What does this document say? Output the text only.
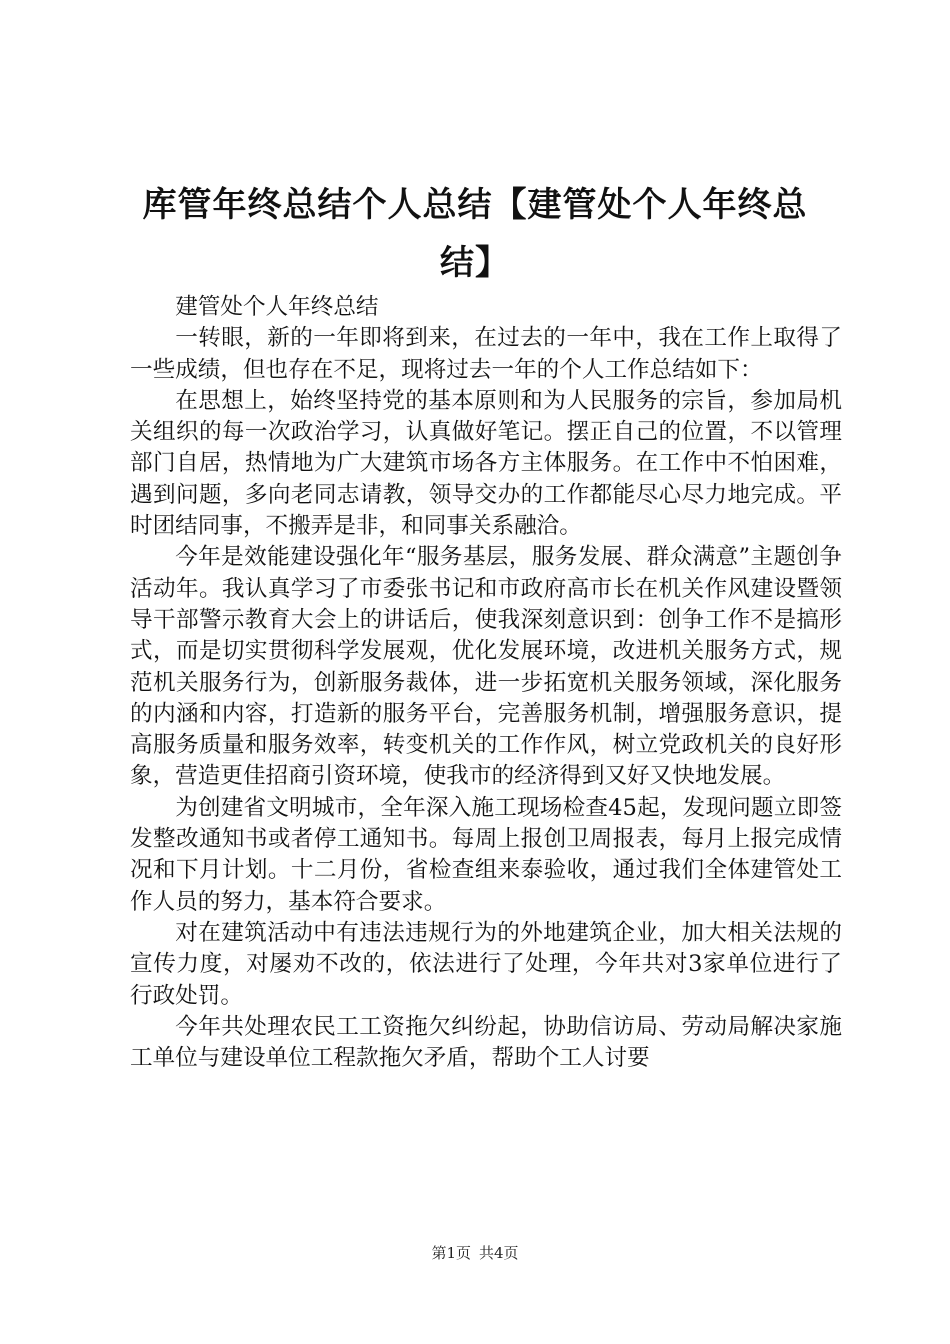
库管年终总结个人总结【建管处个人年终总结】

建管处个人年终总结

一转眼，新的一年即将到来，在过去的一年中，我在工作上取得了一些成绩，但也存在不足，现将过去一年的个人工作总结如下：

在思想上，始终坚持党的基本原则和为人民服务的宗旨，参加局机关组织的每一次政治学习，认真做好笔记。摆正自己的位置，不以管理部门自居，热情地为广大建筑市场各方主体服务。在工作中不怕困难，遇到问题，多向老同志请教，领导交办的工作都能尽心尽力地完成。平时团结同事，不搬弄是非，和同事关系融洽。

今年是效能建设强化年“服务基层，服务发展、群众满意”主题创争活动年。我认真学习了市委张书记和市政府高市长在机关作风建设暨领导干部警示教育大会上的讲话后，使我深刻意识到：创争工作不是搞形式，而是切实贯彻科学发展观，优化发展环境，改进机关服务方式，规范机关服务行为，创新服务裁体，进一步拓宽机关服务领域，深化服务的内涵和内容，打造新的服务平台，完善服务机制，增强服务意识，提高服务质量和服务效率，转变机关的工作作风，树立党政机关的良好形象，营造更佳招商引资环境，使我市的经济得到又好又快地发展。

为创建省文明城市，全年深入施工现场检查45起，发现问题立即签发整改通知书或者停工通知书。每周上报创卫周报表，每月上报完成情况和下月计划。十二月份，省检查组来泰验收，通过我们全体建管处工作人员的努力，基本符合要求。

对在建筑活动中有违法违规行为的外地建筑企业，加大相关法规的宣传力度，对屡劝不改的，依法进行了处理，今年共对3家单位进行了行政处罚。

今年共处理农民工工资拖欠纠纷起，协助信访局、劳动局解决家施工单位与建设单位工程款拖欠矛盾，帮助个工人讨要

第1页 共4页
